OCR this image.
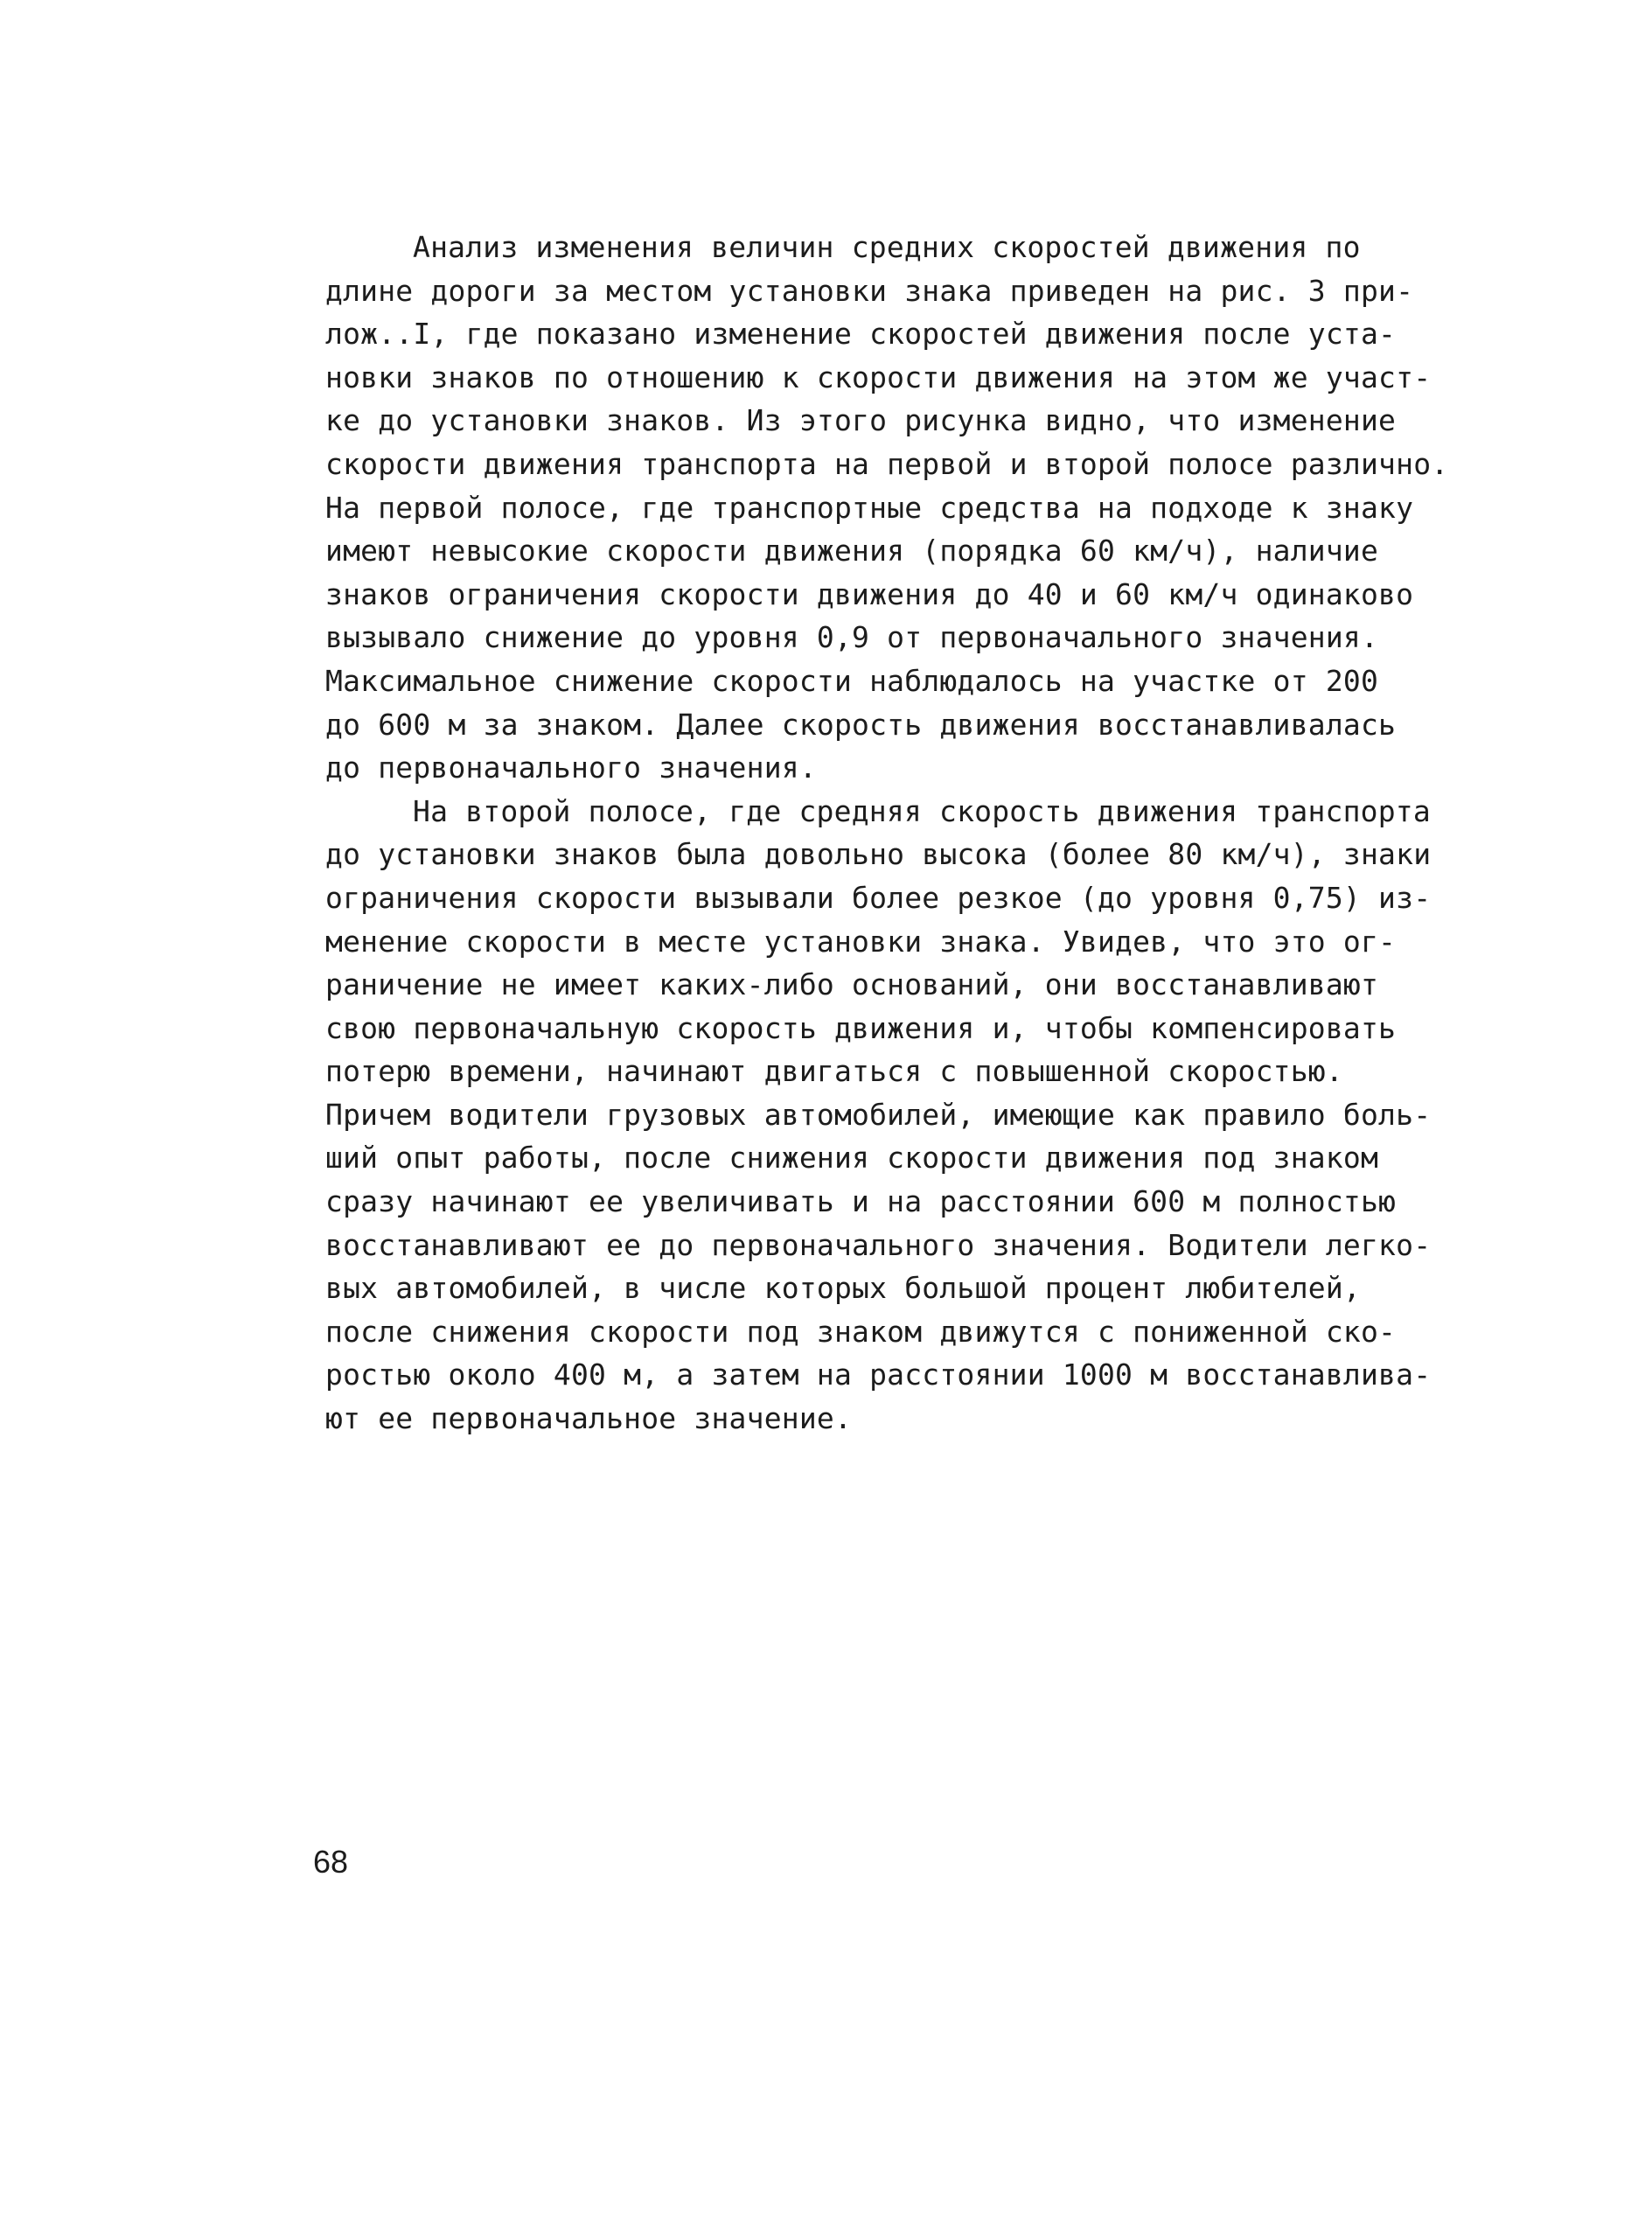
Анализ изменения величин средних скоростей движения по
длине дороги за местом установки знака приведен на рис. 3 при-
лож..I, где показано изменение скоростей движения после уста-
новки знаков по отношению к скорости движения на этом же участ-
ке до установки знаков. Из этого рисунка видно, что изменение
скорости движения транспорта на первой и второй полосе различно.
На первой полосе, где транспортные средства на подходе к знаку
имеют невысокие скорости движения (порядка 60 км/ч), наличие
знаков ограничения скорости движения до 40 и 60 км/ч одинаково
вызывало снижение до уровня 0,9 от первоначального значения.
Максимальное снижение скорости наблюдалось на участке от 200
до 600 м за знаком. Далее скорость движения восстанавливалась
до первоначального значения.
На второй полосе, где средняя скорость движения транспорта
до установки знаков была довольно высока (более 80 км/ч), знаки
ограничения скорости вызывали более резкое (до уровня 0,75) из-
менение скорости в месте установки знака. Увидев, что это ог-
раничение не имеет каких-либо оснований, они восстанавливают
свою первоначальную скорость движения и, чтобы компенсировать
потерю времени, начинают двигаться с повышенной скоростью.
Причем водители грузовых автомобилей, имеющие как правило боль-
ший опыт работы, после снижения скорости движения под знаком
сразу начинают ее увеличивать и на расстоянии 600 м полностью
восстанавливают ее до первоначального значения. Водители легко-
вых автомобилей, в числе которых большой процент любителей,
после снижения скорости под знаком движутся с пониженной ско-
ростью около 400 м, а затем на расстоянии 1000 м восстанавлива-
ют ее первоначальное значение.
68
